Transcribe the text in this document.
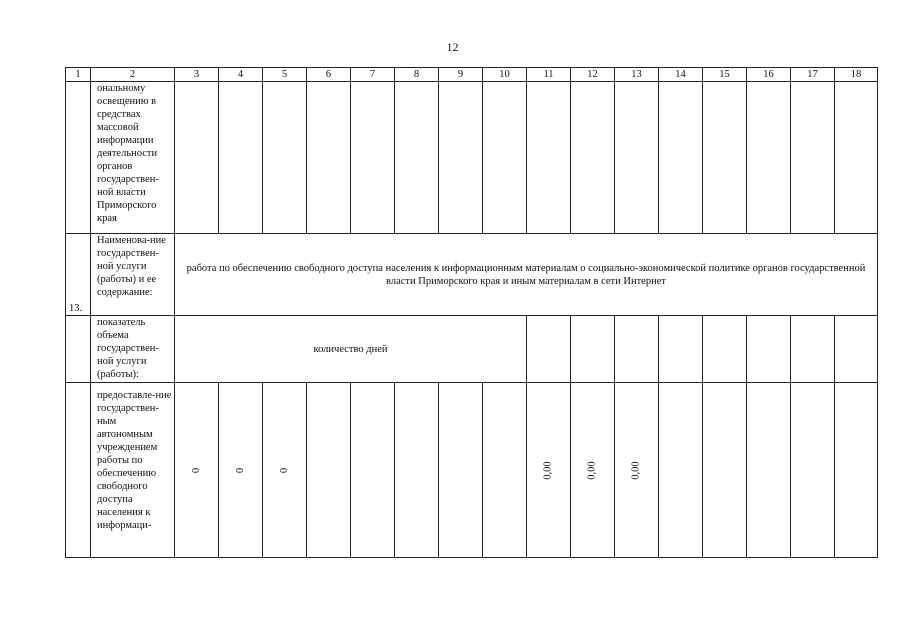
12
1	2	3	4	5	6	7	8	9	10	11	12	13	14	15	16	17	18

	ональному освещению в средствах массовой информации деятельности органов государствен-ной власти Приморского края																

13.	Наименова-ние государствен-ной услуги (работы) и ее содержание:	работа по обеспечению свободного доступа населения к информационным материалам о социально-экономической политике органов государственной власти Приморского края и иным материалам в сети Интернет															

	показатель объема государствен-ной услуги (работы):	количество дней															

	предоставле-ние государствен-ным автономным учреждением работы по обеспечению свободного доступа населения к информаци-	0	0	0						0,00	0,00	0,00					
